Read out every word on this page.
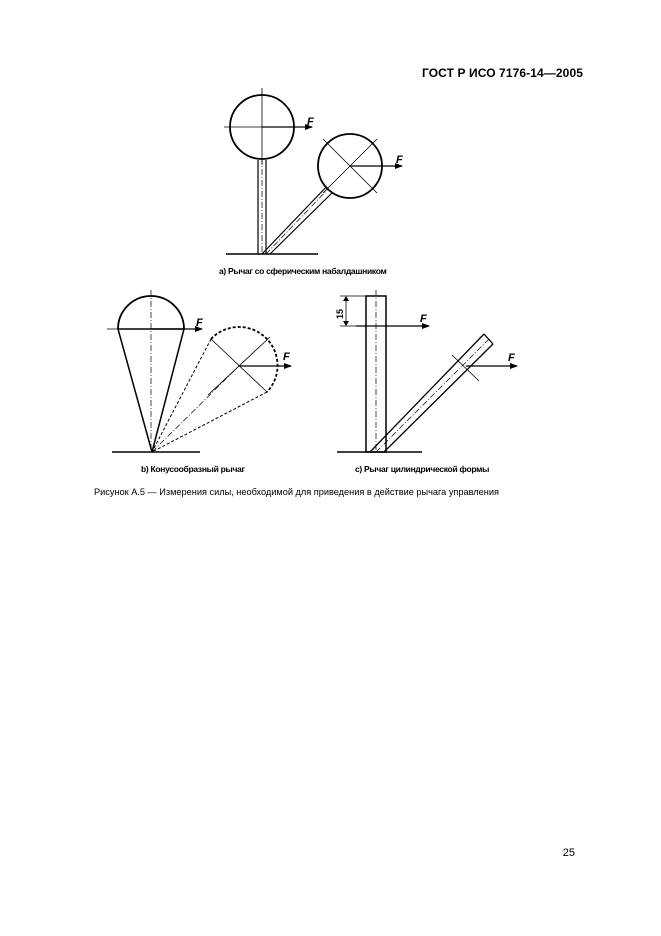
ГОСТ Р ИСО 7176-14—2005
F
F
F
F
15	F
F
a) Рычаг со сферическим набалдашником
b) Конусообразный рычаг	c) Рычаг цилиндрической формы
Рисунок А.5 — Измерения силы, необходимой для приведения в действие рычага управления
25
